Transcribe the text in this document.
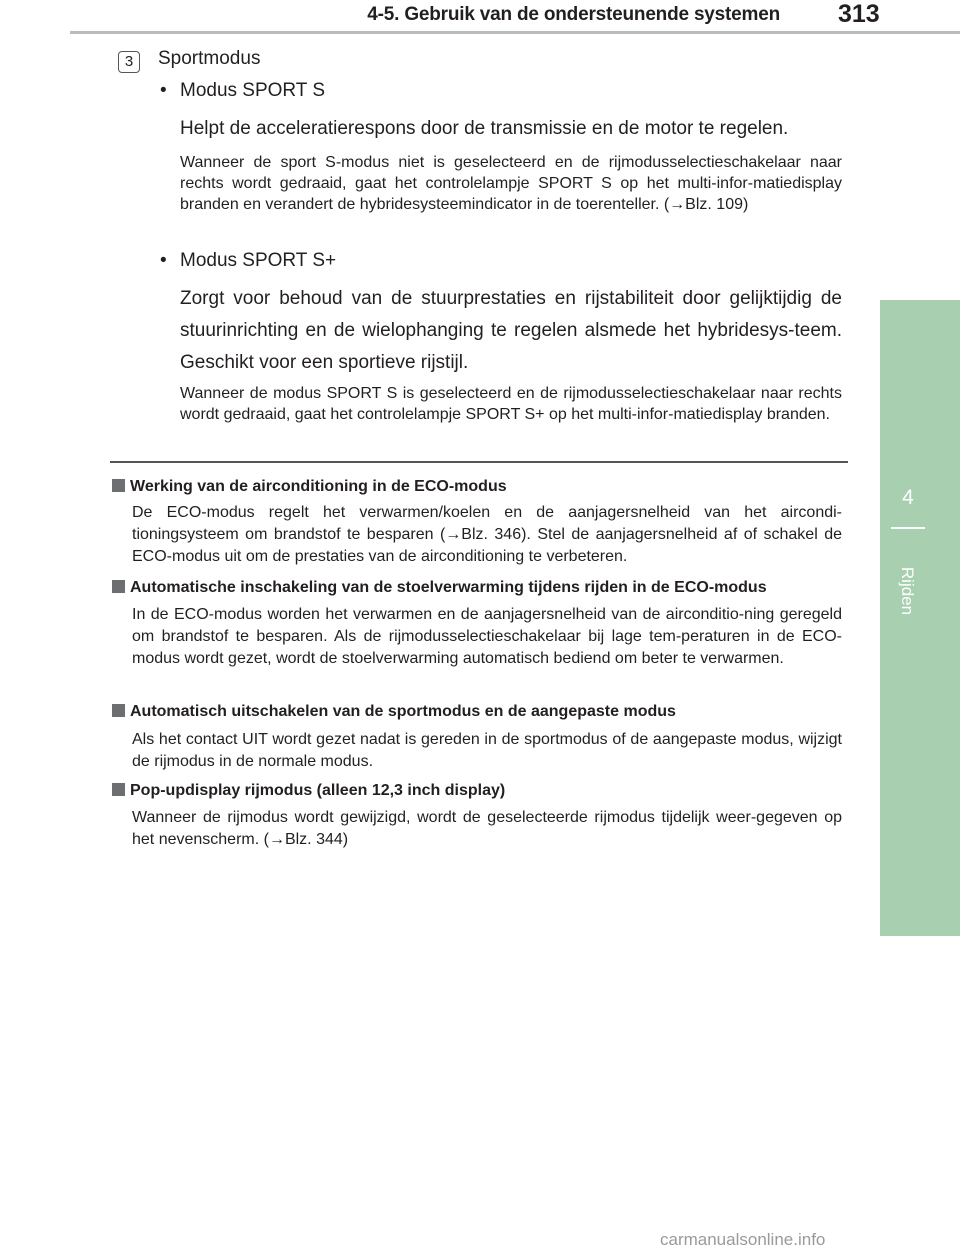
4-5. Gebruik van de ondersteunende systemen 313
4
Rijden
3	Sportmodus
• Modus SPORT S
Helpt de acceleratierespons door de transmissie en de motor te regelen.
Wanneer de sport S-modus niet is geselecteerd en de rijmodusselectieschakelaar naar rechts wordt gedraaid, gaat het controlelampje SPORT S op het multi-infor-matiedisplay branden en verandert de hybridesysteemindicator in de toerenteller. (→Blz. 109)
• Modus SPORT S+
Zorgt voor behoud van de stuurprestaties en rijstabiliteit door gelijktijdig de stuurinrichting en de wielophanging te regelen alsmede het hybridesys-teem. Geschikt voor een sportieve rijstijl.
Wanneer de modus SPORT S is geselecteerd en de rijmodusselectieschakelaar naar rechts wordt gedraaid, gaat het controlelampje SPORT S+ op het multi-infor-matiedisplay branden.
Werking van de airconditioning in de ECO-modus
De ECO-modus regelt het verwarmen/koelen en de aanjagersnelheid van het aircondi-tioningsysteem om brandstof te besparen (→Blz. 346). Stel de aanjagersnelheid af of schakel de ECO-modus uit om de prestaties van de airconditioning te verbeteren.
Automatische inschakeling van de stoelverwarming tijdens rijden in de ECO-modus
In de ECO-modus worden het verwarmen en de aanjagersnelheid van de airconditio-ning geregeld om brandstof te besparen. Als de rijmodusselectieschakelaar bij lage tem-peraturen in de ECO-modus wordt gezet, wordt de stoelverwarming automatisch bediend om beter te verwarmen.
Automatisch uitschakelen van de sportmodus en de aangepaste modus
Als het contact UIT wordt gezet nadat is gereden in de sportmodus of de aangepaste modus, wijzigt de rijmodus in de normale modus.
Pop-updisplay rijmodus (alleen 12,3 inch display)
Wanneer de rijmodus wordt gewijzigd, wordt de geselecteerde rijmodus tijdelijk weer-gegeven op het nevenscherm. (→Blz. 344)
carmanualsonline.info
